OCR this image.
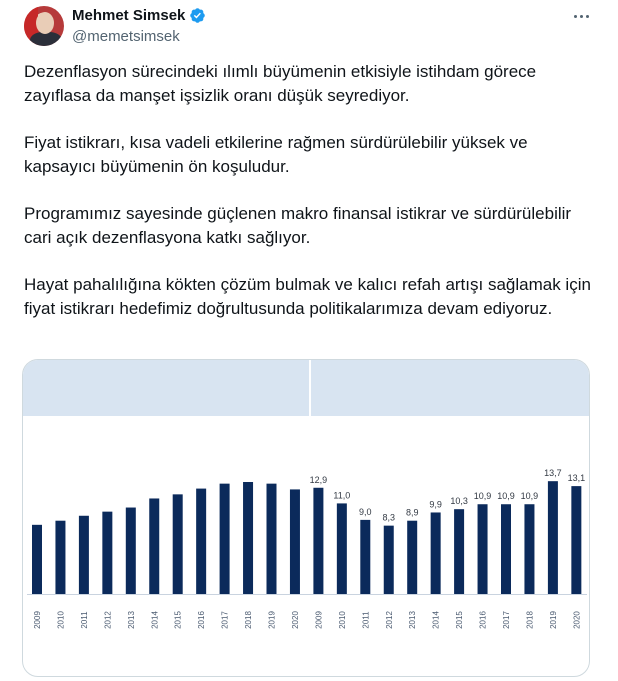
Mehmet Simsek
@memetsimsek

Dezenflasyon sürecindeki ılımlı büyümenin etkisiyle istihdam görece zayıflasa da manşet işsizlik oranı düşük seyrediyor.

Fiyat istikrarı, kısa vadeli etkilerine rağmen sürdürülebilir yüksek ve kapsayıcı büyümenin ön koşuludur.

Programımız sayesinde güçlenen makro finansal istikrar ve sürdürülebilir cari açık dezenflasyona katkı sağlıyor.

Hayat pahalılığına kökten çözüm bulmak ve kalıcı refah artışı sağlamak için fiyat istikrarı hedefimiz doğrultusunda politikalarımıza devam ediyoruz.

2009 2010 2011 2012 2013 2014 2015 2016 2017 2018 2019 2020
12,9
2009
11,0
2010
9,0
2011
8,3
2012
8,9
2013
9,9
2014
10,3
2015
10,9
2016
10,9
2017
10,9
2018
13,7
2019
13,1
2020
